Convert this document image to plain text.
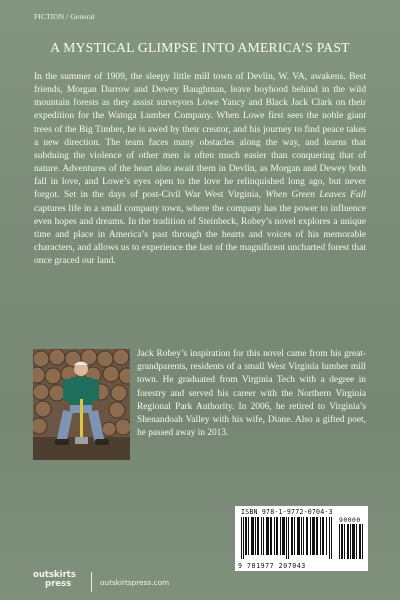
FICTION / General
A MYSTICAL GLIMPSE INTO AMERICA’S PAST

In the summer of 1909, the sleepy little mill town of Devlin, W. VA, awakens. Best friends, Morgan Darrow and Dewey Baughman, leave boyhood behind in the wild mountain forests as they assist surveyors Lowe Yancy and Black Jack Clark on their expedition for the Watoga Lumber Company. When Lowe first sees the noble giant trees of the Big Timber, he is awed by their creator, and his journey to find peace takes a new direction. The team faces many obstacles along the way, and learns that subduing the violence of other men is often much easier than conquering that of nature. Adventures of the heart also await them in Devlin, as Morgan and Dewey both fall in love, and Lowe’s eyes open to the love he relinquished long ago, but never forgot. Set in the days of post-Civil War West Virginia, When Green Leaves Fall captures life in a small company town, where the company has the power to influence even hopes and dreams. In the tradition of Steinbeck, Robey’s novel explores a unique time and place in America’s past through the hearts and voices of his memorable characters, and allows us to experience the last of the magnificent uncharted forest that once graced our land.

Jack Robey’s inspiration for this novel came from his great-grandparents, residents of a small West Virginia lumber mill town. He graduated from Virginia Tech with a degree in forestry and served his career with the Northern Virginia Regional Park Authority. In 2006, he retired to Virginia’s Shenandoah Valley with his wife, Diane. Also a gifted poet, he passed away in 2013.

ISBN 978-1-9772-0704-3
90000
9 781977 207043
outskirts
press	outskirtspress.com
